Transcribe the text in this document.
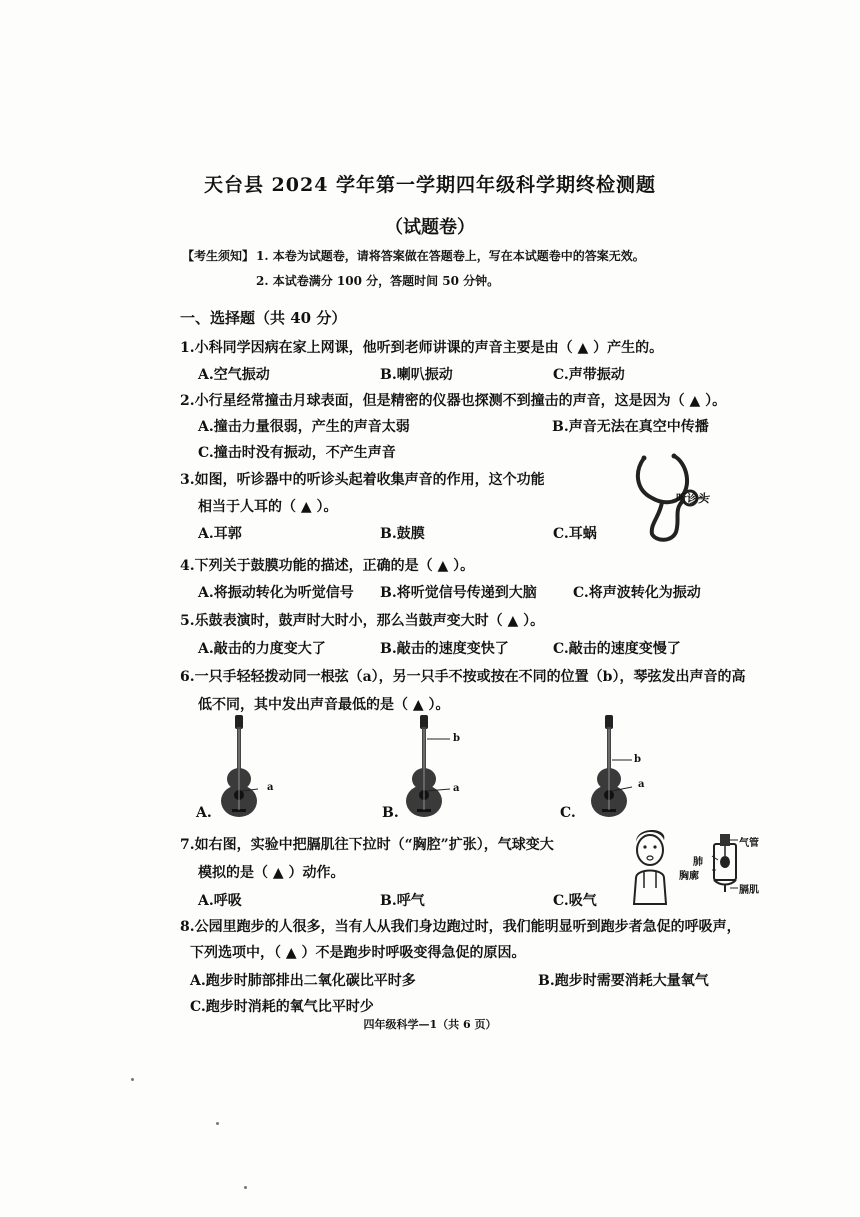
天台县 2024 学年第一学期四年级科学期终检测题
（试题卷）
【考生须知】 1. 本卷为试题卷，请将答案做在答题卷上，写在本试题卷中的答案无效。
2. 本试卷满分 100 分，答题时间 50 分钟。
一、选择题（共 40 分）
1.小科同学因病在家上网课，他听到老师讲课的声音主要是由（ ▲ ）产生的。
A.空气振动	B.喇叭振动	C.声带振动
2.小行星经常撞击月球表面，但是精密的仪器也探测不到撞击的声音，这是因为（ ▲ ）。
A.撞击力量很弱，产生的声音太弱	B.声音无法在真空中传播
C.撞击时没有振动，不产生声音
3.如图，听诊器中的听诊头起着收集声音的作用，这个功能
相当于人耳的（ ▲ ）。
A.耳郭	B.鼓膜	C.耳蜗
听诊头
4.下列关于鼓膜功能的描述，正确的是（ ▲ ）。
A.将振动转化为听觉信号 B.将听觉信号传递到大脑	C.将声波转化为振动
5.乐鼓表演时，鼓声时大时小，那么当鼓声变大时（ ▲ ）。
A.敲击的力度变大了	B.敲击的速度变快了	C.敲击的速度变慢了
6.一只手轻轻拨动同一根弦（a），另一只手不按或按在不同的位置（b），琴弦发出声音的高
低不同，其中发出声音最低的是（ ▲ ）。
a
A.
b
a
B.
b
a
C.
7.如右图，实验中把膈肌往下拉时（“胸腔”扩张），气球变大
模拟的是（ ▲ ）动作。
A.呼吸	B.呼气	C.吸气
肺
胸廓
气管
膈肌
8.公园里跑步的人很多，当有人从我们身边跑过时，我们能明显听到跑步者急促的呼吸声，
下列选项中，（ ▲ ）不是跑步时呼吸变得急促的原因。
A.跑步时肺部排出二氧化碳比平时多	B.跑步时需要消耗大量氧气
C.跑步时消耗的氧气比平时少
四年级科学—1（共 6 页）
